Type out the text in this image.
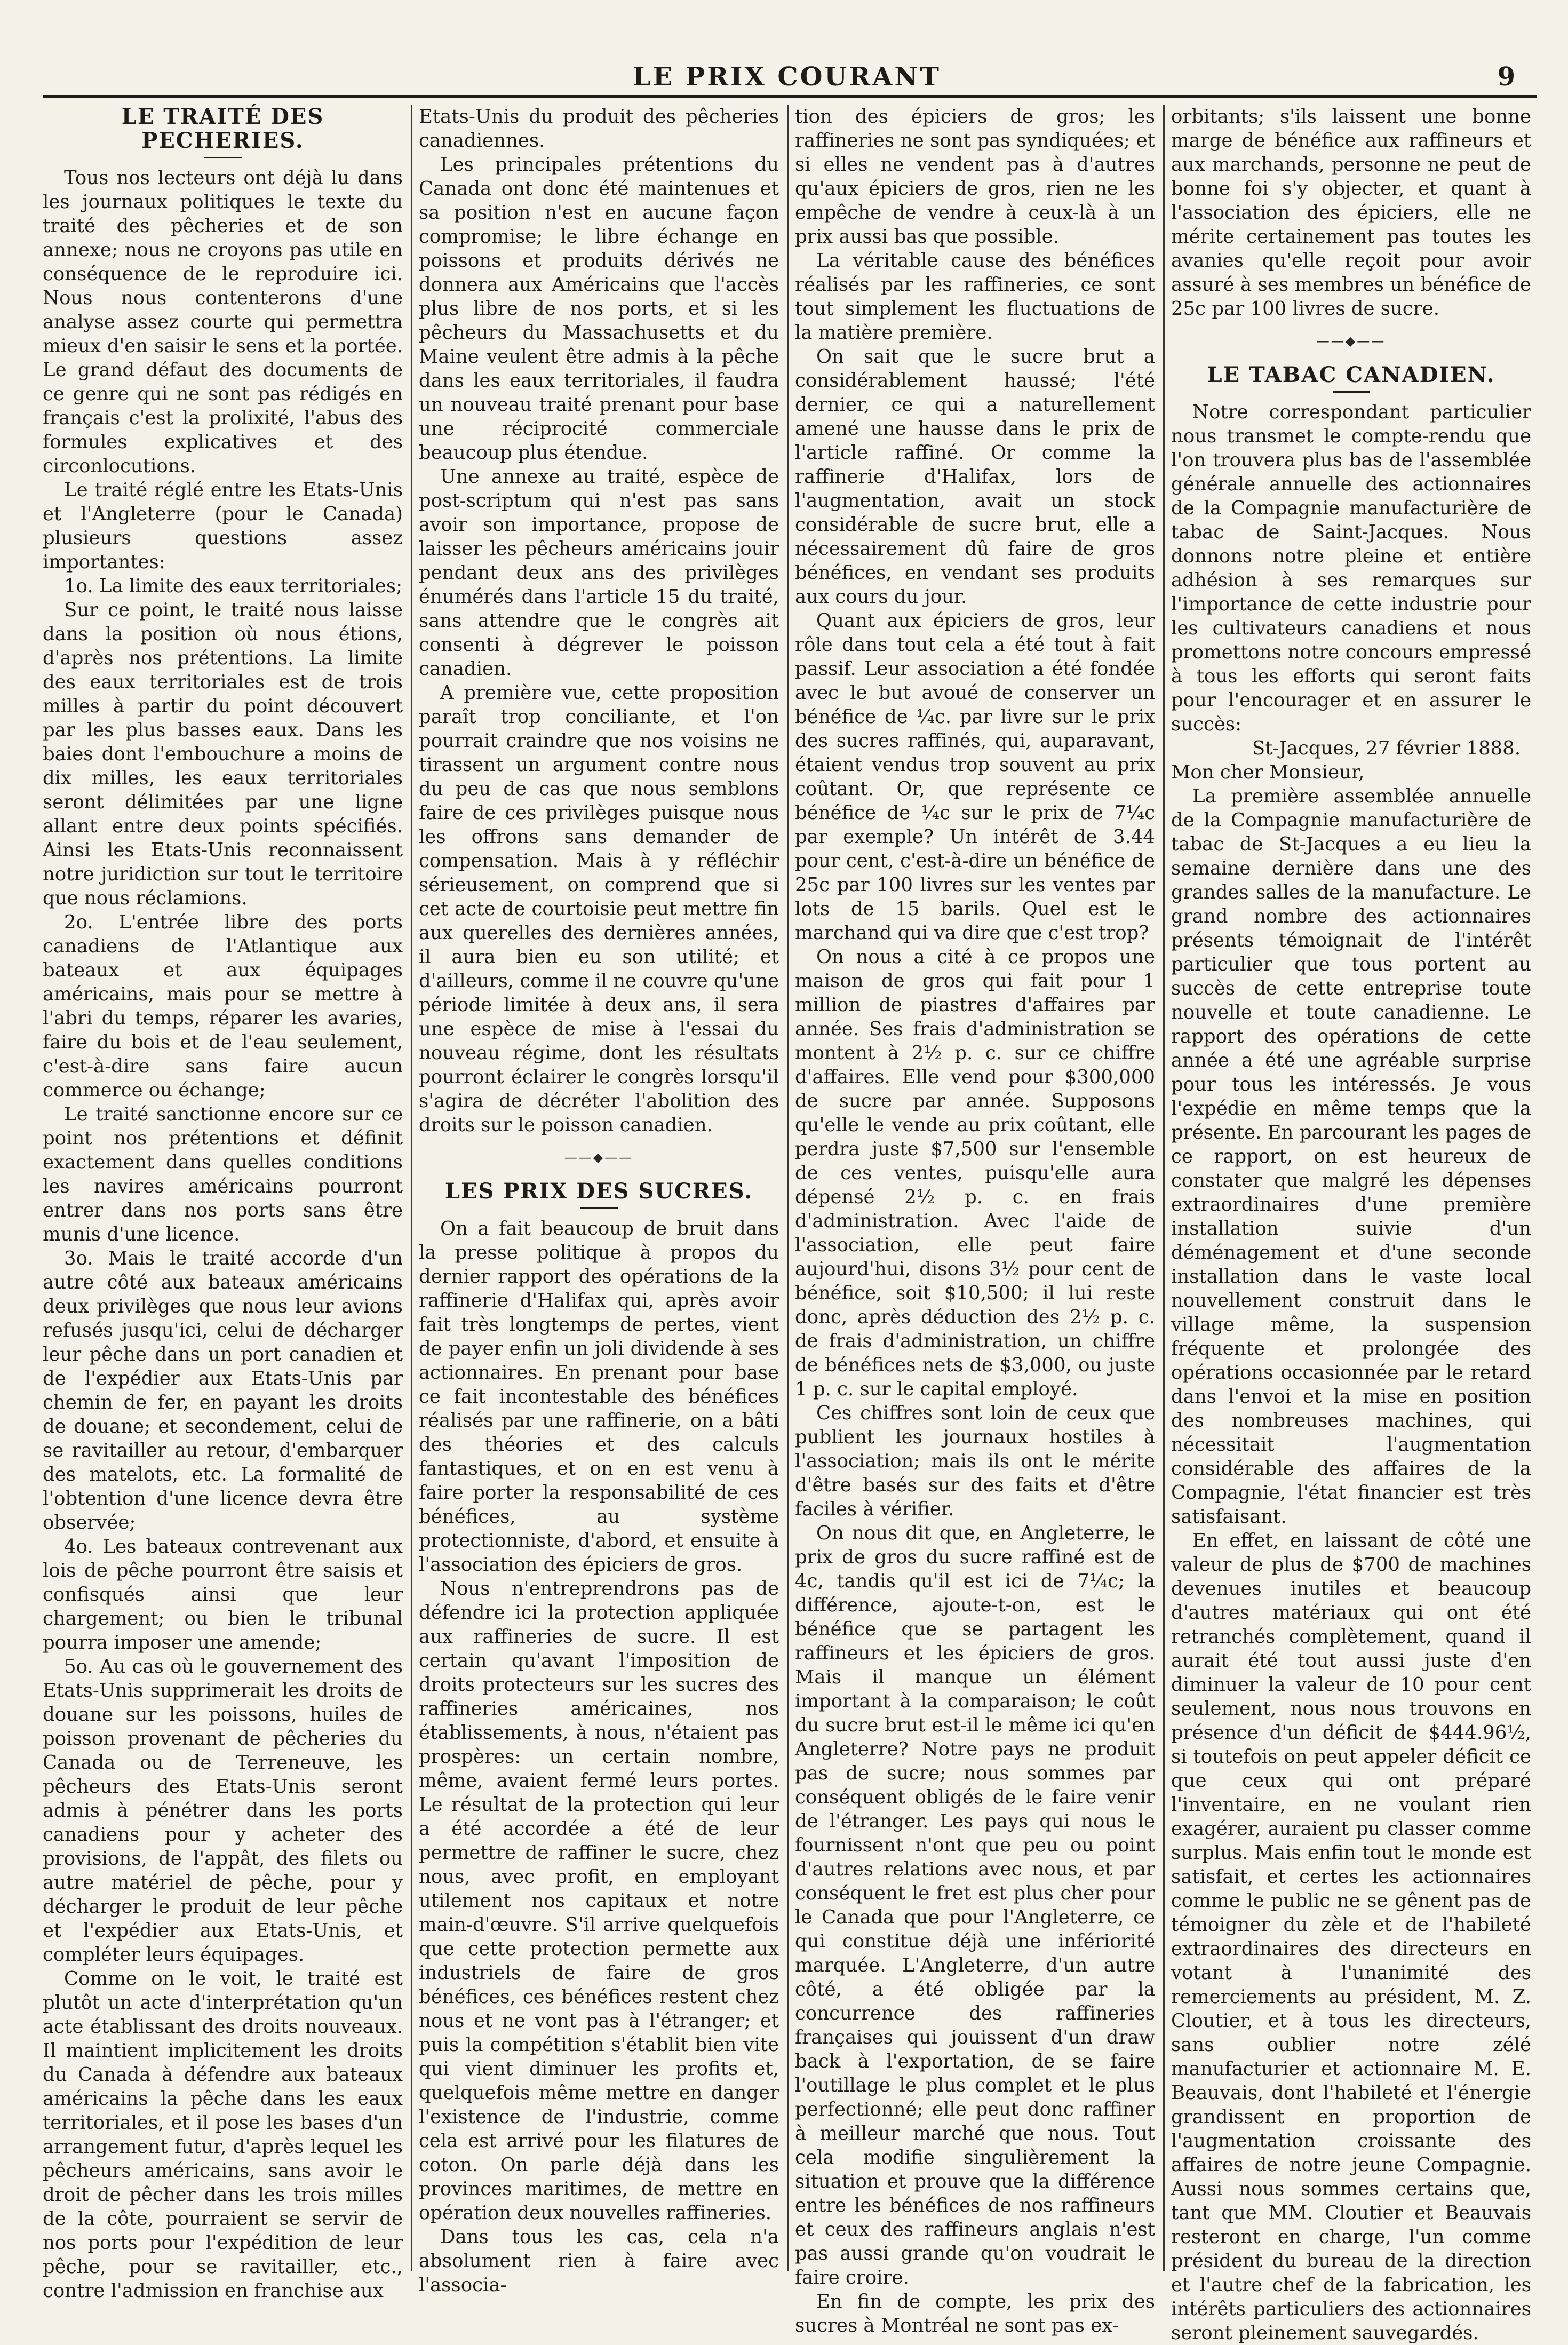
LE PRIX COURANT	9

LE TRAITÉ DES PECHERIES.

Tous nos lecteurs ont déjà lu dans les journaux politiques le texte du traité des pêcheries et de son annexe; nous ne croyons pas utile en conséquence de le reproduire ici. Nous nous contenterons d'une analyse assez courte qui permettra mieux d'en saisir le sens et la portée. Le grand défaut des documents de ce genre qui ne sont pas rédigés en français c'est la prolixité, l'abus des formules explicatives et des circonlocutions.

Le traité réglé entre les Etats-Unis et l'Angleterre (pour le Canada) plusieurs questions assez importantes:

1o. La limite des eaux territoriales;

Sur ce point, le traité nous laisse dans la position où nous étions, d'après nos prétentions. La limite des eaux territoriales est de trois milles à partir du point découvert par les plus basses eaux. Dans les baies dont l'embouchure a moins de dix milles, les eaux territoriales seront délimitées par une ligne allant entre deux points spécifiés. Ainsi les Etats-Unis reconnaissent notre juridiction sur tout le territoire que nous réclamions.

2o. L'entrée libre des ports canadiens de l'Atlantique aux bateaux et aux équipages américains, mais pour se mettre à l'abri du temps, réparer les avaries, faire du bois et de l'eau seulement, c'est-à-dire sans faire aucun commerce ou échange;

Le traité sanctionne encore sur ce point nos prétentions et définit exactement dans quelles conditions les navires américains pourront entrer dans nos ports sans être munis d'une licence.

3o. Mais le traité accorde d'un autre côté aux bateaux américains deux privilèges que nous leur avions refusés jusqu'ici, celui de décharger leur pêche dans un port canadien et de l'expédier aux Etats-Unis par chemin de fer, en payant les droits de douane; et secondement, celui de se ravitailler au retour, d'embarquer des matelots, etc. La formalité de l'obtention d'une licence devra être observée;

4o. Les bateaux contrevenant aux lois de pêche pourront être saisis et confisqués ainsi que leur chargement; ou bien le tribunal pourra imposer une amende;

5o. Au cas où le gouvernement des Etats-Unis supprimerait les droits de douane sur les poissons, huiles de poisson provenant de pêcheries du Canada ou de Terreneuve, les pêcheurs des Etats-Unis seront admis à pénétrer dans les ports canadiens pour y acheter des provisions, de l'appât, des filets ou autre matériel de pêche, pour y décharger le produit de leur pêche et l'expédier aux Etats-Unis, et compléter leurs équipages.

Comme on le voit, le traité est plutôt un acte d'interprétation qu'un acte établissant des droits nouveaux. Il maintient implicitement les droits du Canada à défendre aux bateaux américains la pêche dans les eaux territoriales, et il pose les bases d'un arrangement futur, d'après lequel les pêcheurs américains, sans avoir le droit de pêcher dans les trois milles de la côte, pourraient se servir de nos ports pour l'expédition de leur pêche, pour se ravitailler, etc., contre l'admission en franchise aux

Etats-Unis du produit des pêcheries canadiennes.

Les principales prétentions du Canada ont donc été maintenues et sa position n'est en aucune façon compromise; le libre échange en poissons et produits dérivés ne donnera aux Américains que l'accès plus libre de nos ports, et si les pêcheurs du Massachusetts et du Maine veulent être admis à la pêche dans les eaux territoriales, il faudra un nouveau traité prenant pour base une réciprocité commerciale beaucoup plus étendue.

Une annexe au traité, espèce de post-scriptum qui n'est pas sans avoir son importance, propose de laisser les pêcheurs américains jouir pendant deux ans des privilèges énumérés dans l'article 15 du traité, sans attendre que le congrès ait consenti à dégrever le poisson canadien.

A première vue, cette proposition paraît trop conciliante, et l'on pourrait craindre que nos voisins ne tirassent un argument contre nous du peu de cas que nous semblons faire de ces privilèges puisque nous les offrons sans demander de compensation. Mais à y réfléchir sérieusement, on comprend que si cet acte de courtoisie peut mettre fin aux querelles des dernières années, il aura bien eu son utilité; et d'ailleurs, comme il ne couvre qu'une période limitée à deux ans, il sera une espèce de mise à l'essai du nouveau régime, dont les résultats pourront éclairer le congrès lorsqu'il s'agira de décréter l'abolition des droits sur le poisson canadien.

——◆——

LES PRIX DES SUCRES.

On a fait beaucoup de bruit dans la presse politique à propos du dernier rapport des opérations de la raffinerie d'Halifax qui, après avoir fait très longtemps de pertes, vient de payer enfin un joli dividende à ses actionnaires. En prenant pour base ce fait incontestable des bénéfices réalisés par une raffinerie, on a bâti des théories et des calculs fantastiques, et on en est venu à faire porter la responsabilité de ces bénéfices, au système protectionniste, d'abord, et ensuite à l'association des épiciers de gros.

Nous n'entreprendrons pas de défendre ici la protection appliquée aux raffineries de sucre. Il est certain qu'avant l'imposition de droits protecteurs sur les sucres des raffineries américaines, nos établissements, à nous, n'étaient pas prospères: un certain nombre, même, avaient fermé leurs portes. Le résultat de la protection qui leur a été accordée a été de leur permettre de raffiner le sucre, chez nous, avec profit, en employant utilement nos capitaux et notre main-d'œuvre. S'il arrive quelquefois que cette protection permette aux industriels de faire de gros bénéfices, ces bénéfices restent chez nous et ne vont pas à l'étranger; et puis la compétition s'établit bien vite qui vient diminuer les profits et, quelquefois même mettre en danger l'existence de l'industrie, comme cela est arrivé pour les filatures de coton. On parle déjà dans les provinces maritimes, de mettre en opération deux nouvelles raffineries.

Dans tous les cas, cela n'a absolument rien à faire avec l'associa-

tion des épiciers de gros; les raffineries ne sont pas syndiquées; et si elles ne vendent pas à d'autres qu'aux épiciers de gros, rien ne les empêche de vendre à ceux-là à un prix aussi bas que possible.

La véritable cause des bénéfices réalisés par les raffineries, ce sont tout simplement les fluctuations de la matière première.

On sait que le sucre brut a considérablement haussé; l'été dernier, ce qui a naturellement amené une hausse dans le prix de l'article raffiné. Or comme la raffinerie d'Halifax, lors de l'augmentation, avait un stock considérable de sucre brut, elle a nécessairement dû faire de gros bénéfices, en vendant ses produits aux cours du jour.

Quant aux épiciers de gros, leur rôle dans tout cela a été tout à fait passif. Leur association a été fondée avec le but avoué de conserver un bénéfice de ¼c. par livre sur le prix des sucres raffinés, qui, auparavant, étaient vendus trop souvent au prix coûtant. Or, que représente ce bénéfice de ¼c sur le prix de 7¼c par exemple? Un intérêt de 3.44 pour cent, c'est-à-dire un bénéfice de 25c par 100 livres sur les ventes par lots de 15 barils. Quel est le marchand qui va dire que c'est trop?

On nous a cité à ce propos une maison de gros qui fait pour 1 million de piastres d'affaires par année. Ses frais d'administration se montent à 2½ p. c. sur ce chiffre d'affaires. Elle vend pour $300,000 de sucre par année. Supposons qu'elle le vende au prix coûtant, elle perdra juste $7,500 sur l'ensemble de ces ventes, puisqu'elle aura dépensé 2½ p. c. en frais d'administration. Avec l'aide de l'association, elle peut faire aujourd'hui, disons 3½ pour cent de bénéfice, soit $10,500; il lui reste donc, après déduction des 2½ p. c. de frais d'administration, un chiffre de bénéfices nets de $3,000, ou juste 1 p. c. sur le capital employé.

Ces chiffres sont loin de ceux que publient les journaux hostiles à l'association; mais ils ont le mérite d'être basés sur des faits et d'être faciles à vérifier.

On nous dit que, en Angleterre, le prix de gros du sucre raffiné est de 4c, tandis qu'il est ici de 7¼c; la différence, ajoute-t-on, est le bénéfice que se partagent les raffineurs et les épiciers de gros. Mais il manque un élément important à la comparaison; le coût du sucre brut est-il le même ici qu'en Angleterre? Notre pays ne produit pas de sucre; nous sommes par conséquent obligés de le faire venir de l'étranger. Les pays qui nous le fournissent n'ont que peu ou point d'autres relations avec nous, et par conséquent le fret est plus cher pour le Canada que pour l'Angleterre, ce qui constitue déjà une infériorité marquée. L'Angleterre, d'un autre côté, a été obligée par la concurrence des raffineries françaises qui jouissent d'un draw back à l'exportation, de se faire l'outillage le plus complet et le plus perfectionné; elle peut donc raffiner à meilleur marché que nous. Tout cela modifie singulièrement la situation et prouve que la différence entre les bénéfices de nos raffineurs et ceux des raffineurs anglais n'est pas aussi grande qu'on voudrait le faire croire.

En fin de compte, les prix des sucres à Montréal ne sont pas ex-

orbitants; s'ils laissent une bonne marge de bénéfice aux raffineurs et aux marchands, personne ne peut de bonne foi s'y objecter, et quant à l'association des épiciers, elle ne mérite certainement pas toutes les avanies qu'elle reçoit pour avoir assuré à ses membres un bénéfice de 25c par 100 livres de sucre.

——◆——

LE TABAC CANADIEN.

Notre correspondant particulier nous transmet le compte-rendu que l'on trouvera plus bas de l'assemblée générale annuelle des actionnaires de la Compagnie manufacturière de tabac de Saint-Jacques. Nous donnons notre pleine et entière adhésion à ses remarques sur l'importance de cette industrie pour les cultivateurs canadiens et nous promettons notre concours empressé à tous les efforts qui seront faits pour l'encourager et en assurer le succès:

St-Jacques, 27 février 1888.

Mon cher Monsieur,

La première assemblée annuelle de la Compagnie manufacturière de tabac de St-Jacques a eu lieu la semaine dernière dans une des grandes salles de la manufacture. Le grand nombre des actionnaires présents témoignait de l'intérêt particulier que tous portent au succès de cette entreprise toute nouvelle et toute canadienne. Le rapport des opérations de cette année a été une agréable surprise pour tous les intéressés. Je vous l'expédie en même temps que la présente. En parcourant les pages de ce rapport, on est heureux de constater que malgré les dépenses extraordinaires d'une première installation suivie d'un déménagement et d'une seconde installation dans le vaste local nouvellement construit dans le village même, la suspension fréquente et prolongée des opérations occasionnée par le retard dans l'envoi et la mise en position des nombreuses machines, qui nécessitait l'augmentation considérable des affaires de la Compagnie, l'état financier est très satisfaisant.

En effet, en laissant de côté une valeur de plus de $700 de machines devenues inutiles et beaucoup d'autres matériaux qui ont été retranchés complètement, quand il aurait été tout aussi juste d'en diminuer la valeur de 10 pour cent seulement, nous nous trouvons en présence d'un déficit de $444.96½, si toutefois on peut appeler déficit ce que ceux qui ont préparé l'inventaire, en ne voulant rien exagérer, auraient pu classer comme surplus. Mais enfin tout le monde est satisfait, et certes les actionnaires comme le public ne se gênent pas de témoigner du zèle et de l'habileté extraordinaires des directeurs en votant à l'unanimité des remerciements au président, M. Z. Cloutier, et à tous les directeurs, sans oublier notre zélé manufacturier et actionnaire M. E. Beauvais, dont l'habileté et l'énergie grandissent en proportion de l'augmentation croissante des affaires de notre jeune Compagnie. Aussi nous sommes certains que, tant que MM. Cloutier et Beauvais resteront en charge, l'un comme président du bureau de la direction et l'autre chef de la fabrication, les intérêts particuliers des actionnaires seront pleinement sauvegardés.
